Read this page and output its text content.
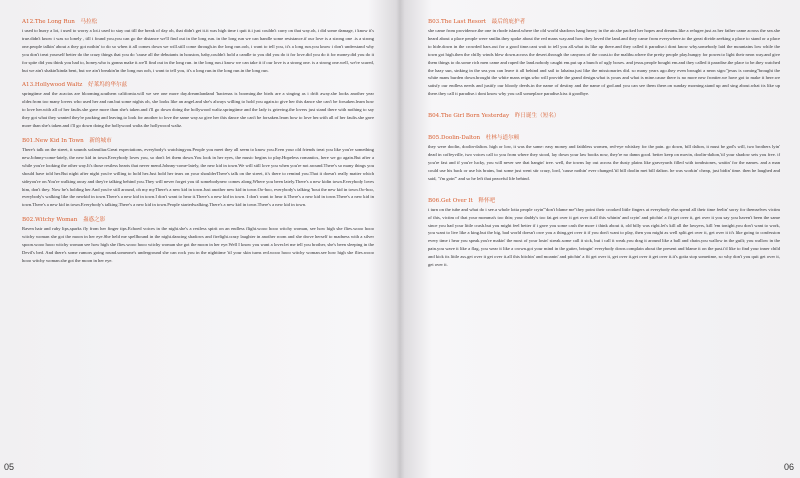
A12.The Long Run　马拉松

i used to hurry a lot, i used to worry a lot.i used to stay out till the break of day oh, that didn't get it.it was high time i quit it.i just couldn't carry on that way.oh, i did some damage, i know it's true.didn't know i was so lonely , till i found you.you can go the distance we'll find out in the long run. in the long run we can handle some resistance.if our love is a strong one .is a strong one.people talkin' about a they got nothin' to do so when it all comes down we will.still come through.in the long run.ooh, i want to tell you, it's a long run.you know i don't understand why you don't treat yourself better do the crazy things that you do 'cause all the debutants in houston, baby,couldn't hold a candle to you did you do it for love.did you do it for money.did you do it for spite did you think you had to, honey.who is gonna make it.we'll find out in the long run. in the long run.i know we can take it if our love is a strong one. is a strong one.well, we're scared, but we ain't shakin'kinda bent, but we ain't breakin'in the long run ooh, i want to tell you, it's a long run.in the long run.in the long run.

A13.Hollywood Waltz　好莱坞的华尔兹

springtime and the acacias are blooming.southern california.will we see one more day.dreamlandand 'hacienas is booming.the birds are a singing as i drift away.she looks another year older.from too many lovers who used her and ran.but some nights oh, she looks like an angel.and she's always willing to hold you again.to give her this dance she can't be forsaken.learn how to love her.with all of her faults.she gave more than she's taken.and i'll go down doing the hollywood waltz.springtime and the lady is grieving.the lovers just stand there with nothing to say they got what they wanted they're packing and leaving.to look for another to love the same way.so give her this dance she can't be forsaken.learn how to love her.with all of her faults.she gave more than she's taken.and i'll go down doing the hollywood waltz.the hollywood waltz.

B01.New Kid In Town　新的城市

There's talk on the street, it sounds sofamiliar.Great expectations, everybody's watchingyou.People you meet they all seem to know you.Even your old friends treat you like you're something new.Johnny-come-lately, the new kid in town.Everybody loves you, so don't let them down.You look in her eyes, the music begins to play.Hopeless romantics, here we go again.But after a while you're looking the other way.It's those restless hearts that never mend.Johnny-come-lately, the new kid in town.We will still love you when you're not around.There's so many things you should have told her.But night after night you're willing to hold her.Just hold her tears on your shoulderThere's talk on the street, it's there to remind you.That it doesn't really matter which sideyou're on.You're walking away and they're talking behind you.They will never forget you til somebodynew comes along.Where you been lately.There's a new kidin town.Everybody loves him, don't they. Now he's holding her.And you're still around, oh my myThere's a new kid in town.Just another new kid in town.Oo-hoo, everybody's talking 'bout the new kid in town.Oo-hoo, everybody's walking like the newkid in town.There's a new kid in town.I don't want to hear it.There's a new kid in town. I don't want to hear it.There's a new kid in town.There's a new kid in town.There's a new kid in town.Everybody's talking.There's a new kid in town.People startedwalking.There's a new kid in town.There's a new kid in town.

B02.Witchy Woman　蛊惑之影

Raven hair and ruby lips,sparks fly from her finger tips.Echoed voices in the night.she's a restless spirit on an endless flight.wooo hooo witchy woman, see how high she flies.wooo hooo witchy woman she got the moon in her eye.She held me spellbound in the night.dancing shadows and firelight.crazy laughter in another room and she drove herself to madness with a silver spoon.wooo hooo witchy woman see how high she flies.wooo hooo witchy woman she got the moon in her eye.Well I know you want a lover.let me tell you brother, she's been sleeping in the Devil's bed. And there's some rumors going round.someone's underground she can rock you in the nighttime 'til your skin turns red.wooo hooo witchy woman.see how high she flies.wooo hooo witchy woman.she got the moon in her eye.

05
B03.The Last Resort　最后的庇护者

she came from providence.the one in rhode island.where the old world shadows hang heavy in the air.she packed her hopes and dreams.like a refugee.just as her father came across the sea.she heard about a place people were smilin.they spoke about the red mans way.and how they loved the land.and they came from everywhere.to the great divide.seeking a place to stand or a place to hide.down in the crowded bars.out for a good time.cant wait to tell you all.what its like up there.and they called it paradise.i dont know why.somebody laid the mountains low while the town got high.then the chilly winds blew down.across the desert.through the canyons of the coast.to the malibu.where the pretty people play.hungry for power.to light their neon way.and give them things to do.some rich men came and raped the land.nobody caught em.put up a bunch of ugly boxes. and jesus.people bought em.and they called it paradise.the place to be.they watched the hazy sun, sinking in the sea.you can leave it all behind and sail to lahaina.just like the missionaries did. so many years ago.they even brought a neon sign:"jesus is coming"brought the white mans burden down.brought the white mans reign.who will provide the grand design.what is yours and what is mine.cause there is no more new frontier.we have got to make it here.we satisfy our endless needs and justify our bloody deeds.in the name of destiny and the name of god.and you can see them there.on sunday morning.stand up and sing about.what its like up there.they call it paradise.i dont know why you call someplace paradise.kiss it goodbye.

B04.The Girl Born Yesterday　昨日诞生（短名）

B05.Doolin-Dalton　杜林与道尔顿

they were doolin, doolin-dalton. high or low, it was the same: easy money and faithless women, red-eye whiskey for the pain. go down, bill dalton, it must be god's will, two brothers lyin' dead in coffeyville, two voices call to you from where they stood, lay down your law books now, they're no damn good. better keep on movin, doolin-dalton,'til your shadow sets you free. if you're fast and if you're lucky, you will never see that hangin' tree. well, the towns lay out across the dusty plains like graveyards filled with tombstones, waitin' for the names. and a man could use his back or use his brains, but some just went stir crazy, lord, 'cause nothin' ever changed.'til bill doolin met bill dalton. he was workin' cheap, just bidin' time. then he laughed and said, "i'm goin'" and so he left that peaceful life behind.

B06.Get Over It　释怀吧

i turn on the tube and what do i see.a whole lotta people cryin'"don't blame me"they point their crooked little fingers at everybody else.spend all their time feelin' sorry for themselves victim of this, victim of that your momma's too thin; your daddy's too fat.get over it get over it.all this whinin' and cryin' and pitchin' a fit get over it, get over it you say you haven't been the same since you had your little crash.but you might feel better if i gave you some cash the more i think about it, old billy was right.let's kill all the lawyers, kill 'em tonight.you don't want to work, you want to live like a king.but the big, bad world doesn't owe you a thing.get over it if you don't want to play, then you might as well split.get over it, get over it it's like going to confession every time i hear you speak.you're makin' the most of your losin' streak.some call it sick, but i call it weak.you drag it around like a ball and chain.you wallow in the guilt; you wallow in the pain.you wave it like a flag, you wear it like a crown.got your mind in the gutter, bringin' everybody down.complain about the present and blame it on the past.i'd like to find your inner child and kick its little ass.get over it get over it.all this bitchin' and moanin' and pitchin' a fit get over it, get over it.get over it get over it.it's gotta stop sometime, so why don't you quit get over it, get over it.

06
